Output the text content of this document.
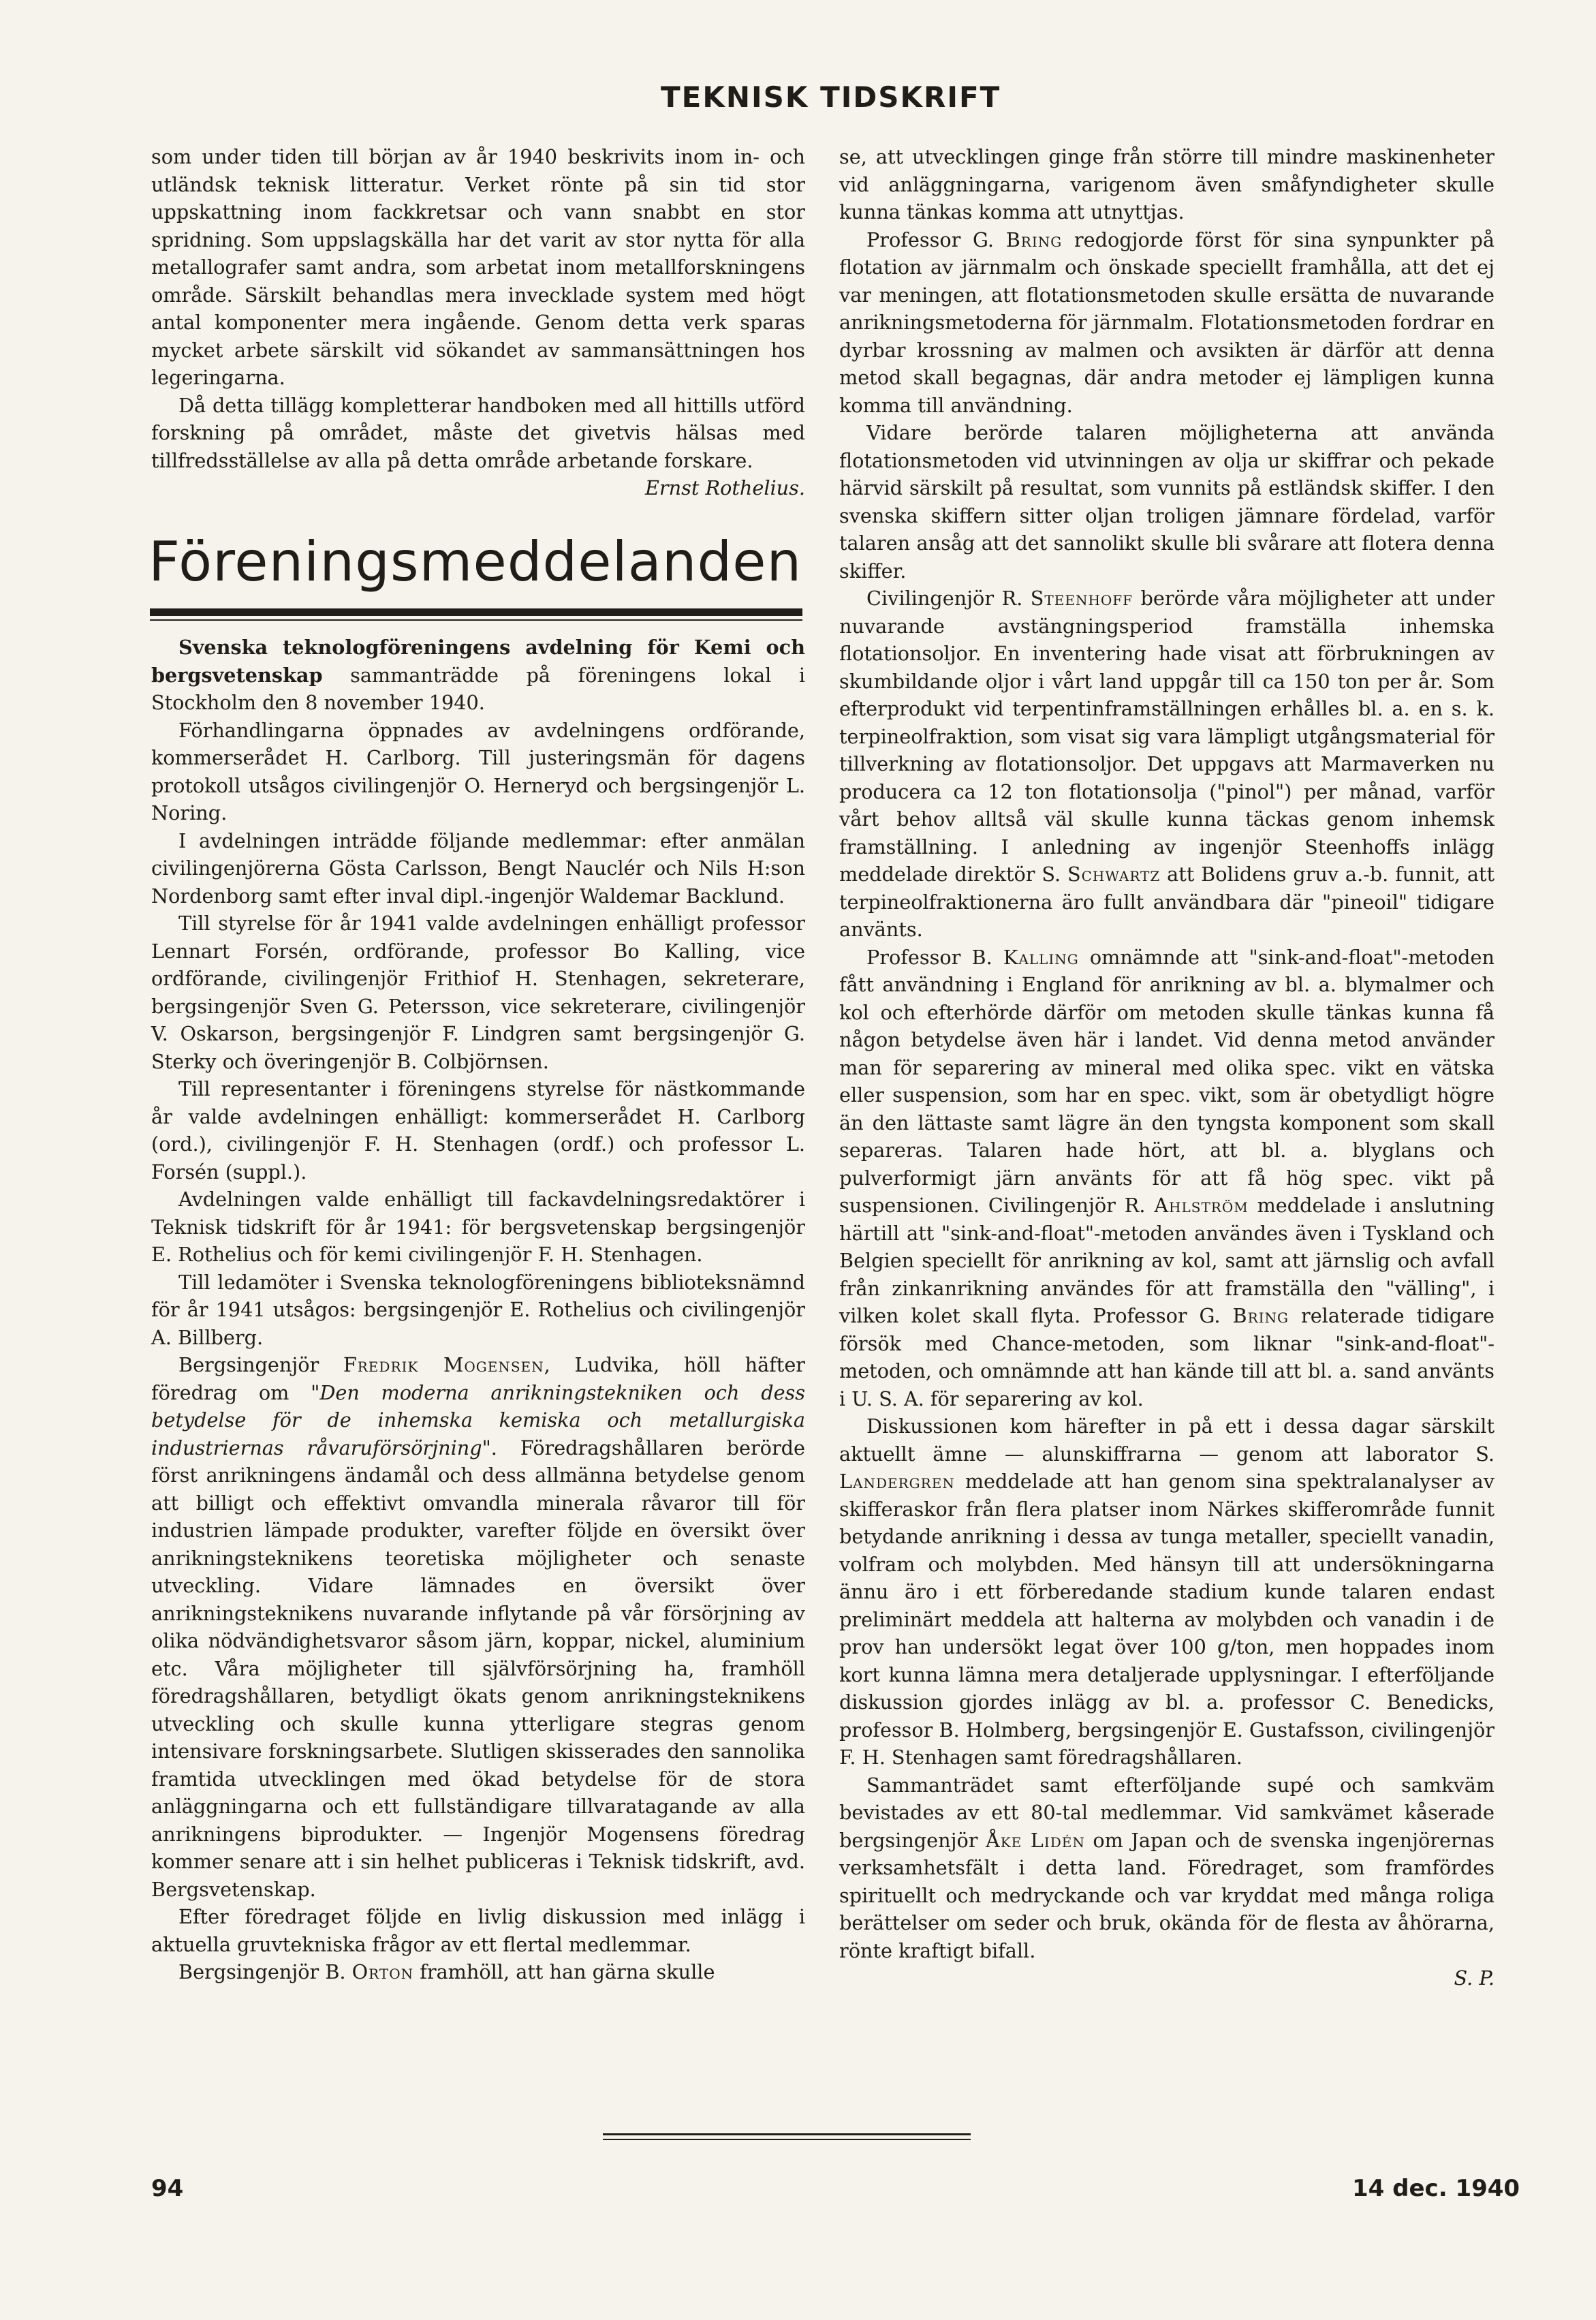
TEKNISK TIDSKRIFT

som under tiden till början av år 1940 beskrivits inom in- och utländsk teknisk litteratur. Verket rönte på sin tid stor uppskattning inom fackkretsar och vann snabbt en stor spridning. Som uppslagskälla har det varit av stor nytta för alla metallografer samt andra, som arbetat inom metallforskningens område. Särskilt behandlas mera invecklade system med högt antal komponenter mera ingående. Genom detta verk sparas mycket arbete särskilt vid sökandet av sammansättningen hos legeringarna.

Då detta tillägg kompletterar handboken med all hittills utförd forskning på området, måste det givetvis hälsas med tillfredsställelse av alla på detta område arbetande forskare.

Ernst Rothelius.

Föreningsmeddelanden

Svenska teknologföreningens avdelning för Kemi och bergsvetenskap sammanträdde på föreningens lokal i Stockholm den 8 november 1940.

Förhandlingarna öppnades av avdelningens ordförande, kommerserådet H. Carlborg. Till justeringsmän för dagens protokoll utsågos civilingenjör O. Herneryd och bergsingenjör L. Noring.

I avdelningen inträdde följande medlemmar: efter anmälan civilingenjörerna Gösta Carlsson, Bengt Nauclér och Nils H:son Nordenborg samt efter inval dipl.-ingenjör Waldemar Backlund.

Till styrelse för år 1941 valde avdelningen enhälligt professor Lennart Forsén, ordförande, professor Bo Kalling, vice ordförande, civilingenjör Frithiof H. Stenhagen, sekreterare, bergsingenjör Sven G. Petersson, vice sekreterare, civilingenjör V. Oskarson, bergsingenjör F. Lindgren samt bergsingenjör G. Sterky och överingenjör B. Colbjörnsen.

Till representanter i föreningens styrelse för nästkommande år valde avdelningen enhälligt: kommerserådet H. Carlborg (ord.), civilingenjör F. H. Stenhagen (ordf.) och professor L. Forsén (suppl.).

Avdelningen valde enhälligt till fackavdelningsredaktörer i Teknisk tidskrift för år 1941: för bergsvetenskap bergsingenjör E. Rothelius och för kemi civilingenjör F. H. Stenhagen.

Till ledamöter i Svenska teknologföreningens biblioteksnämnd för år 1941 utsågos: bergsingenjör E. Rothelius och civilingenjör A. Billberg.

Bergsingenjör Fredrik Mogensen, Ludvika, höll häfter föredrag om "Den moderna anrikningstekniken och dess betydelse för de inhemska kemiska och metallurgiska industriernas råvaruförsörjning". Föredragshållaren berörde först anrikningens ändamål och dess allmänna betydelse genom att billigt och effektivt omvandla minerala råvaror till för industrien lämpade produkter, varefter följde en översikt över anrikningsteknikens teoretiska möjligheter och senaste utveckling. Vidare lämnades en översikt över anrikningsteknikens nuvarande inflytande på vår försörjning av olika nödvändighetsvaror såsom järn, koppar, nickel, aluminium etc. Våra möjligheter till självförsörjning ha, framhöll föredragshållaren, betydligt ökats genom anrikningsteknikens utveckling och skulle kunna ytterligare stegras genom intensivare forskningsarbete. Slutligen skisserades den sannolika framtida utvecklingen med ökad betydelse för de stora anläggningarna och ett fullständigare tillvaratagande av alla anrikningens biprodukter. — Ingenjör Mogensens föredrag kommer senare att i sin helhet publiceras i Teknisk tidskrift, avd. Bergsvetenskap.

Efter föredraget följde en livlig diskussion med inlägg i aktuella gruvtekniska frågor av ett flertal medlemmar.

Bergsingenjör B. Orton framhöll, att han gärna skulle

se, att utvecklingen ginge från större till mindre maskinenheter vid anläggningarna, varigenom även småfyndigheter skulle kunna tänkas komma att utnyttjas.

Professor G. Bring redogjorde först för sina synpunkter på flotation av järnmalm och önskade speciellt framhålla, att det ej var meningen, att flotationsmetoden skulle ersätta de nuvarande anrikningsmetoderna för järnmalm. Flotationsmetoden fordrar en dyrbar krossning av malmen och avsikten är därför att denna metod skall begagnas, där andra metoder ej lämpligen kunna komma till användning.

Vidare berörde talaren möjligheterna att använda flotationsmetoden vid utvinningen av olja ur skiffrar och pekade härvid särskilt på resultat, som vunnits på estländsk skiffer. I den svenska skiffern sitter oljan troligen jämnare fördelad, varför talaren ansåg att det sannolikt skulle bli svårare att flotera denna skiffer.

Civilingenjör R. Steenhoff berörde våra möjligheter att under nuvarande avstängningsperiod framställa inhemska flotationsoljor. En inventering hade visat att förbrukningen av skumbildande oljor i vårt land uppgår till ca 150 ton per år. Som efterprodukt vid terpentinframställningen erhålles bl. a. en s. k. terpineolfraktion, som visat sig vara lämpligt utgångsmaterial för tillverkning av flotationsoljor. Det uppgavs att Marmaverken nu producera ca 12 ton flotationsolja ("pinol") per månad, varför vårt behov alltså väl skulle kunna täckas genom inhemsk framställning. I anledning av ingenjör Steenhoffs inlägg meddelade direktör S. Schwartz att Bolidens gruv a.-b. funnit, att terpineolfraktionerna äro fullt användbara där "pineoil" tidigare använts.

Professor B. Kalling omnämnde att "sink-and-float"-metoden fått användning i England för anrikning av bl. a. blymalmer och kol och efterhörde därför om metoden skulle tänkas kunna få någon betydelse även här i landet. Vid denna metod använder man för separering av mineral med olika spec. vikt en vätska eller suspension, som har en spec. vikt, som är obetydligt högre än den lättaste samt lägre än den tyngsta komponent som skall separeras. Talaren hade hört, att bl. a. blyglans och pulverformigt järn använts för att få hög spec. vikt på suspensionen. Civilingenjör R. Ahlström meddelade i anslutning härtill att "sink-and-float"-metoden användes även i Tyskland och Belgien speciellt för anrikning av kol, samt att järnslig och avfall från zinkanrikning användes för att framställa den "välling", i vilken kolet skall flyta. Professor G. Bring relaterade tidigare försök med Chance-metoden, som liknar "sink-and-float"-metoden, och omnämnde att han kände till att bl. a. sand använts i U. S. A. för separering av kol.

Diskussionen kom härefter in på ett i dessa dagar särskilt aktuellt ämne — alunskiffrarna — genom att laborator S. Landergren meddelade att han genom sina spektralanalyser av skifferaskor från flera platser inom Närkes skifferområde funnit betydande anrikning i dessa av tunga metaller, speciellt vanadin, volfram och molybden. Med hänsyn till att undersökningarna ännu äro i ett förberedande stadium kunde talaren endast preliminärt meddela att halterna av molybden och vanadin i de prov han undersökt legat över 100 g/ton, men hoppades inom kort kunna lämna mera detaljerade upplysningar. I efterföljande diskussion gjordes inlägg av bl. a. professor C. Benedicks, professor B. Holmberg, bergsingenjör E. Gustafsson, civilingenjör F. H. Stenhagen samt föredragshållaren.

Sammanträdet samt efterföljande supé och samkväm bevistades av ett 80-tal medlemmar. Vid samkvämet kåserade bergsingenjör Åke Lidén om Japan och de svenska ingenjörernas verksamhetsfält i detta land. Föredraget, som framfördes spirituellt och medryckande och var kryddat med många roliga berättelser om seder och bruk, okända för de flesta av åhörarna, rönte kraftigt bifall.

S. P.

94	14 dec. 1940
